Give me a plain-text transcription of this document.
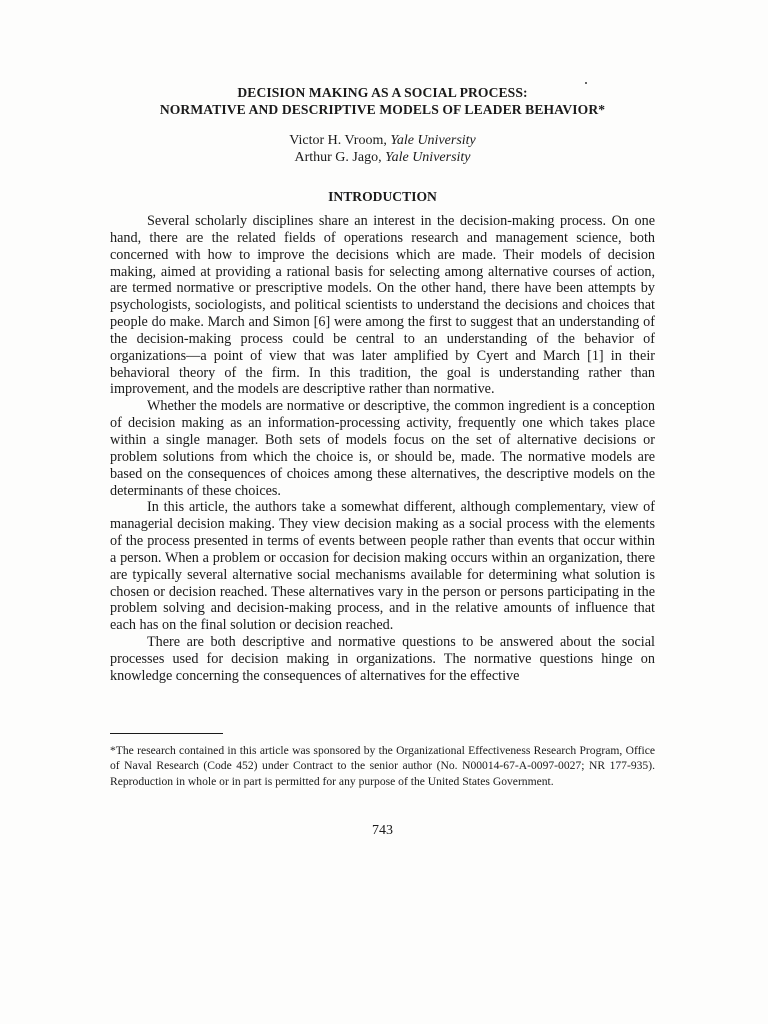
DECISION MAKING AS A SOCIAL PROCESS:
NORMATIVE AND DESCRIPTIVE MODELS OF LEADER BEHAVIOR*
Victor H. Vroom, Yale University
Arthur G. Jago, Yale University
INTRODUCTION

Several scholarly disciplines share an interest in the decision-making process. On one hand, there are the related fields of operations research and management science, both concerned with how to improve the decisions which are made. Their models of decision making, aimed at providing a rational basis for selecting among alternative courses of action, are termed normative or prescriptive models. On the other hand, there have been attempts by psychologists, sociologists, and political scientists to understand the decisions and choices that people do make. March and Simon [6] were among the first to suggest that an understanding of the decision-making process could be central to an understanding of the behavior of organizations—a point of view that was later amplified by Cyert and March [1] in their behavioral theory of the firm. In this tradition, the goal is understanding rather than improvement, and the models are descriptive rather than normative.

Whether the models are normative or descriptive, the common ingredient is a conception of decision making as an information-processing activity, frequently one which takes place within a single manager. Both sets of models focus on the set of alternative decisions or problem solutions from which the choice is, or should be, made. The normative models are based on the consequences of choices among these alternatives, the descriptive models on the determinants of these choices.

In this article, the authors take a somewhat different, although complementary, view of managerial decision making. They view decision making as a social process with the elements of the process presented in terms of events between people rather than events that occur within a person. When a problem or occasion for decision making occurs within an organization, there are typically several alternative social mechanisms available for determining what solution is chosen or decision reached. These alternatives vary in the person or persons participating in the problem solving and decision-making process, and in the relative amounts of influence that each has on the final solution or decision reached.

There are both descriptive and normative questions to be answered about the social processes used for decision making in organizations. The normative questions hinge on knowledge concerning the consequences of alternatives for the effective

*The research contained in this article was sponsored by the Organizational Effectiveness Research Program, Office of Naval Research (Code 452) under Contract to the senior author (No. N00014-67-A-0097-0027; NR 177-935). Reproduction in whole or in part is permitted for any purpose of the United States Government.

743
